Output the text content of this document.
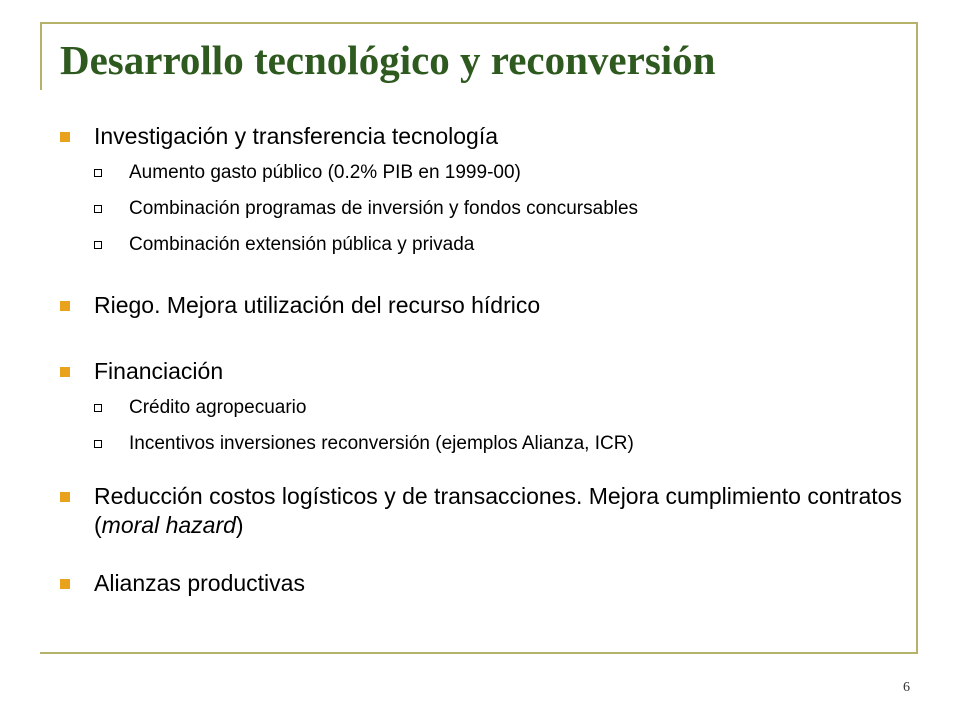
Desarrollo tecnológico y reconversión
Investigación y transferencia tecnología
Aumento gasto público (0.2% PIB en 1999-00)
Combinación programas de inversión y fondos concursables
Combinación extensión pública y privada
Riego. Mejora utilización del recurso hídrico
Financiación
Crédito agropecuario
Incentivos inversiones reconversión (ejemplos Alianza, ICR)
Reducción costos logísticos y de transacciones. Mejora cumplimiento contratos (moral hazard)
Alianzas productivas
6
